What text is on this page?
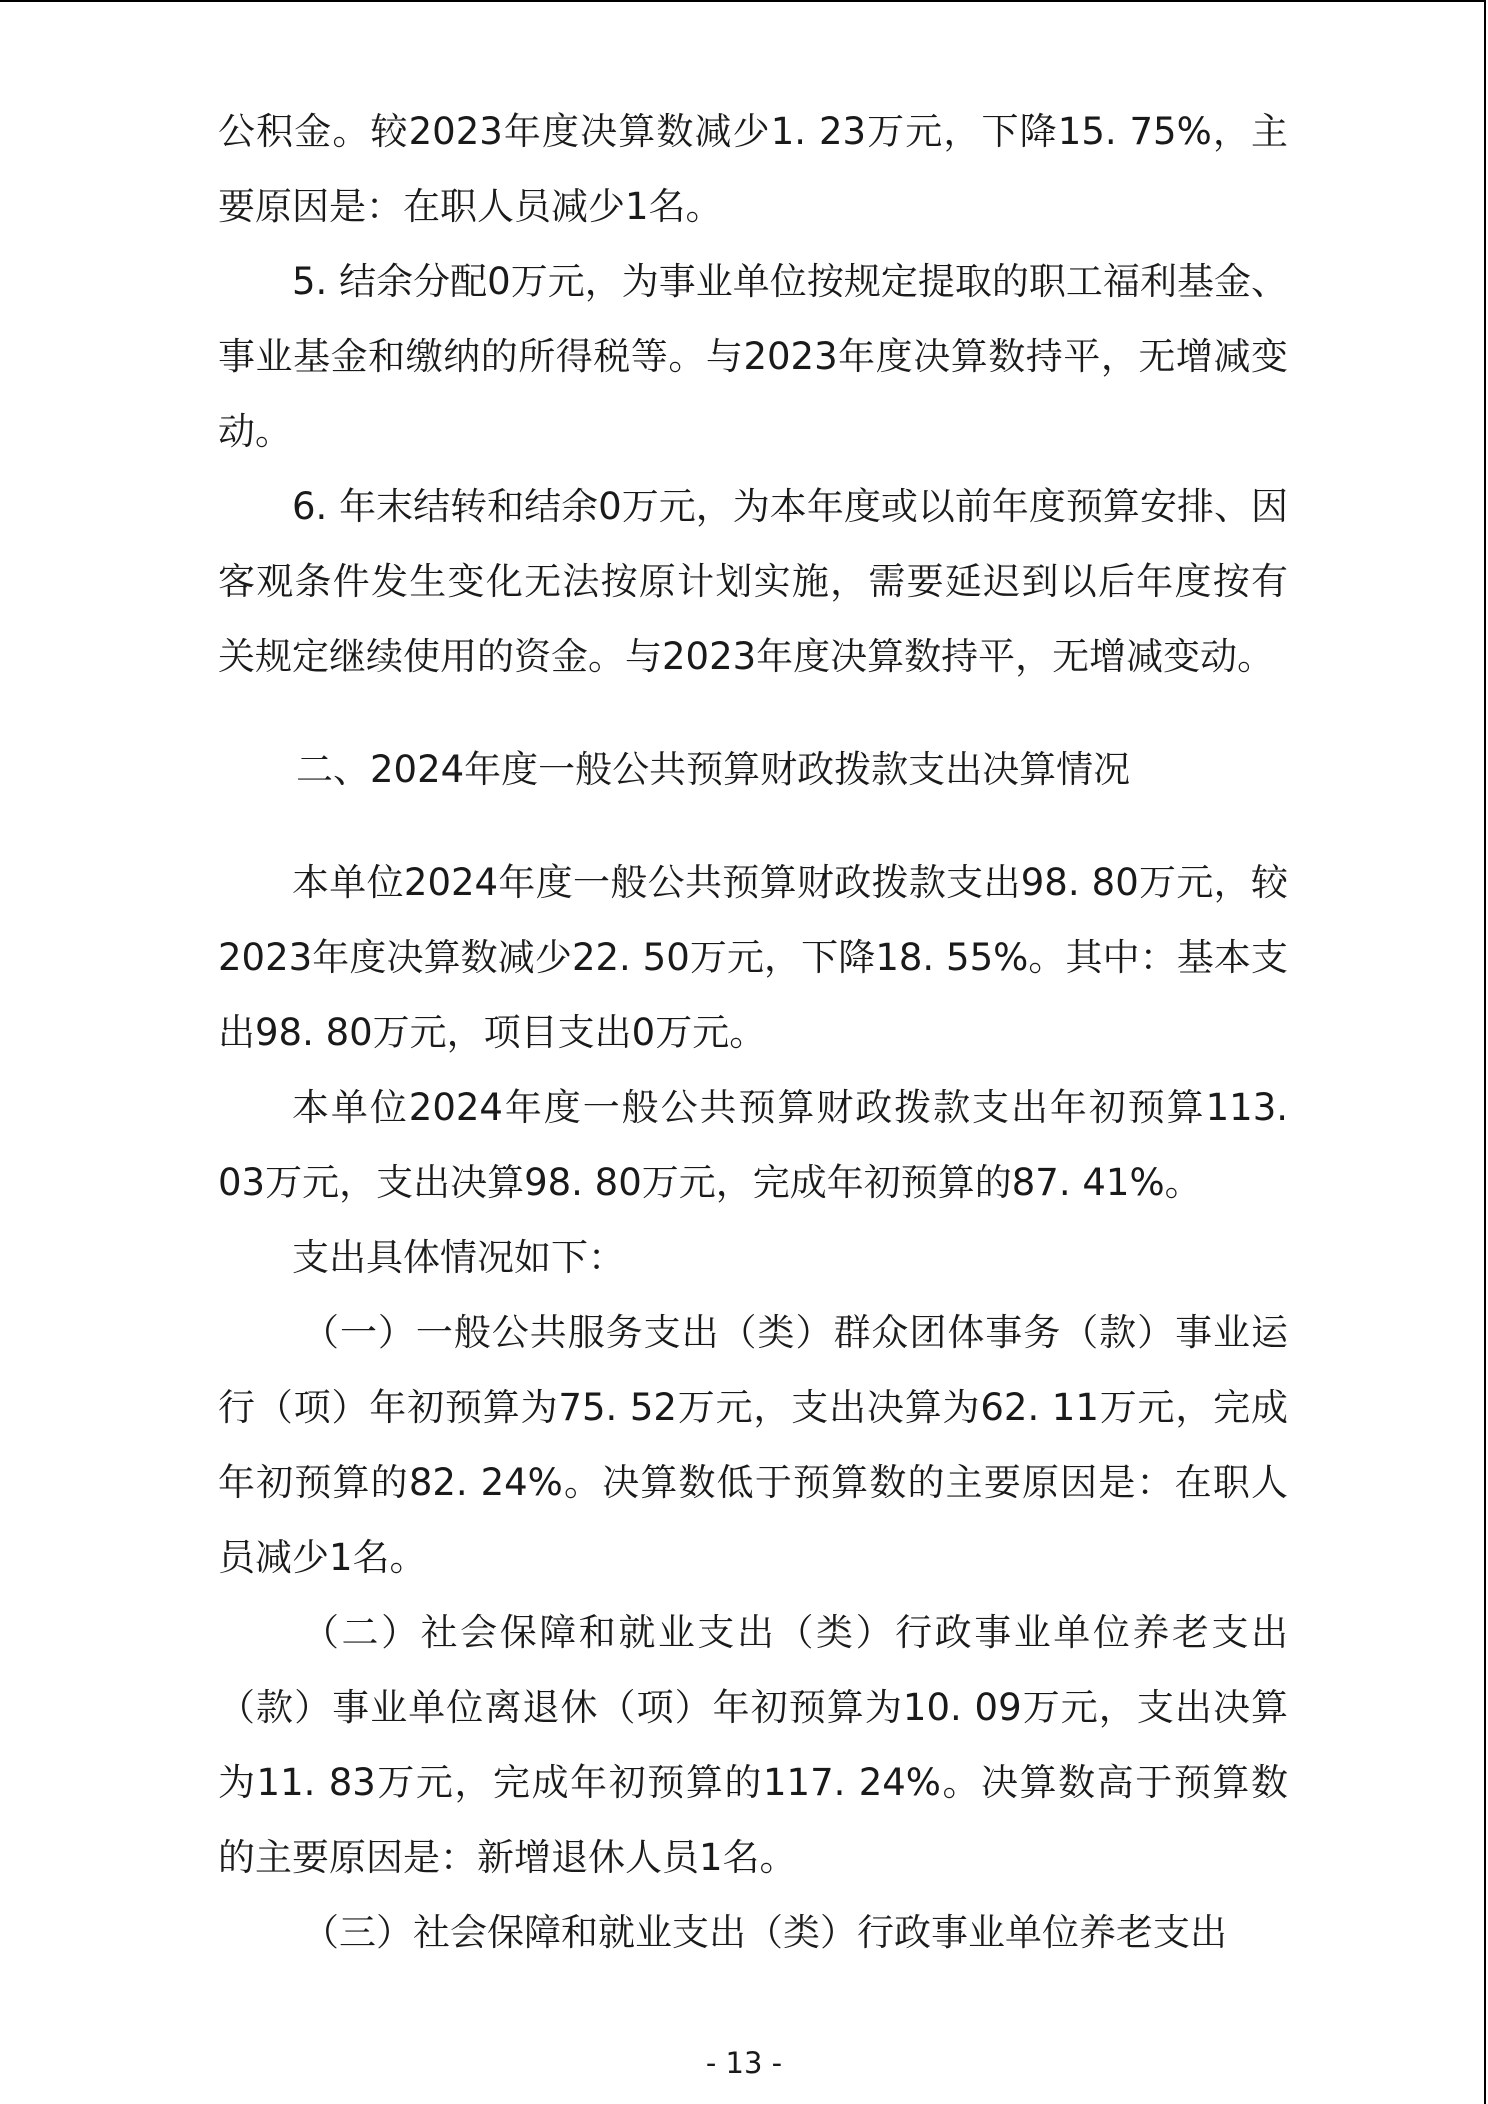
公积金。较2023年度决算数减少1. 23万元，下降15. 75%，主要原因是：在职人员减少1名。

5. 结余分配0万元，为事业单位按规定提取的职工福利基金、事业基金和缴纳的所得税等。与2023年度决算数持平，无增减变动。

6. 年末结转和结余0万元，为本年度或以前年度预算安排、因客观条件发生变化无法按原计划实施，需要延迟到以后年度按有关规定继续使用的资金。与2023年度决算数持平，无增减变动。

二、2024年度一般公共预算财政拨款支出决算情况

本单位2024年度一般公共预算财政拨款支出98. 80万元，较2023年度决算数减少22. 50万元，下降18. 55%。其中：基本支出98. 80万元，项目支出0万元。

本单位2024年度一般公共预算财政拨款支出年初预算113. 03万元，支出决算98. 80万元，完成年初预算的87. 41%。

支出具体情况如下：

（一）一般公共服务支出（类）群众团体事务（款）事业运行（项）年初预算为75. 52万元，支出决算为62. 11万元，完成年初预算的82. 24%。决算数低于预算数的主要原因是：在职人员减少1名。

（二）社会保障和就业支出（类）行政事业单位养老支出（款）事业单位离退休（项）年初预算为10. 09万元，支出决算为11. 83万元，完成年初预算的117. 24%。决算数高于预算数的主要原因是：新增退休人员1名。

（三）社会保障和就业支出（类）行政事业单位养老支出

- 13 -
